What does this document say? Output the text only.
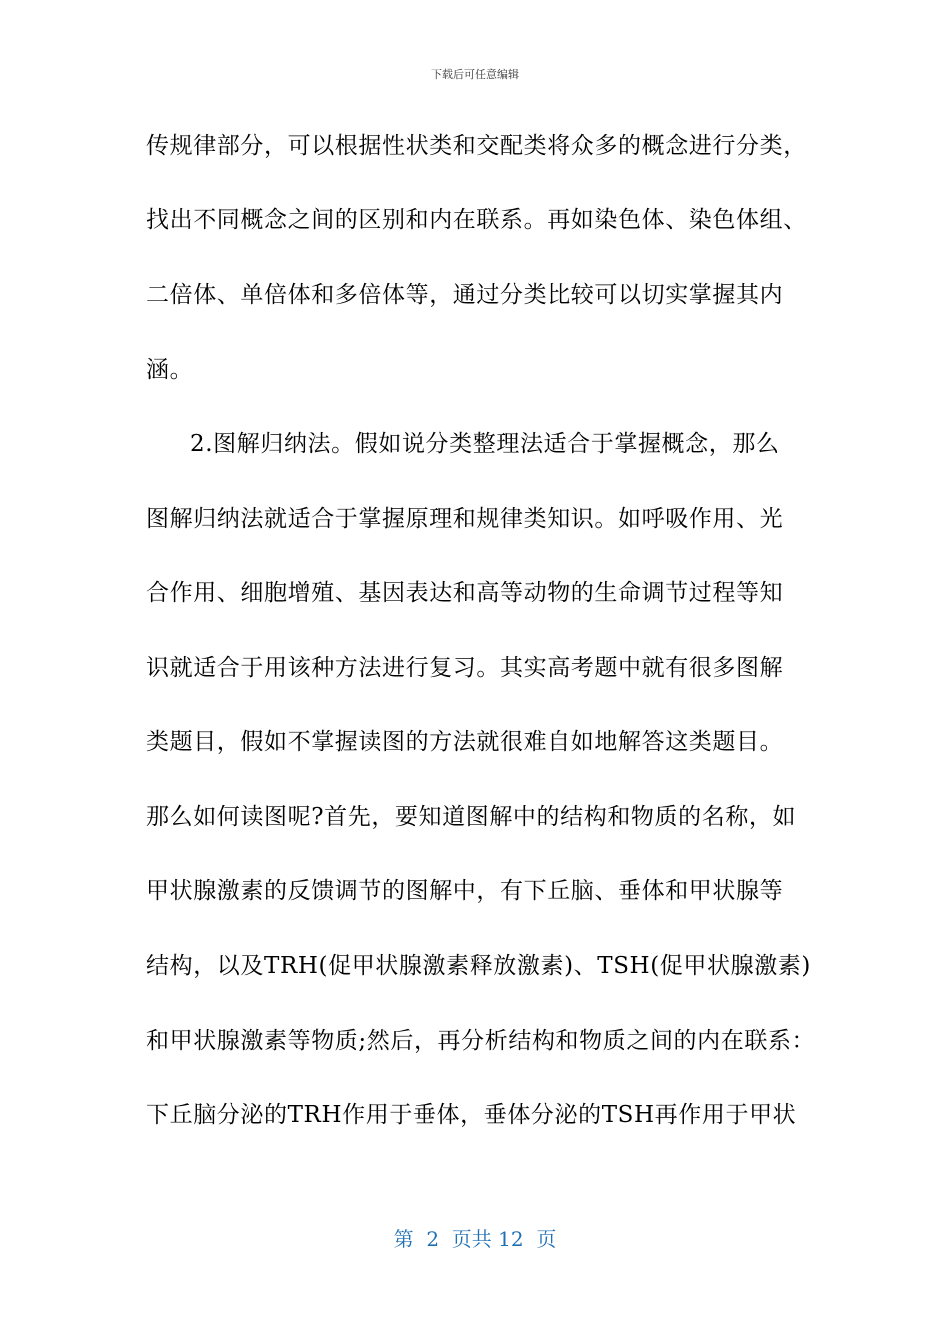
下载后可任意编辑
传规律部分，可以根据性状类和交配类将众多的概念进行分类，
找出不同概念之间的区别和内在联系。再如染色体、染色体组、
二倍体、单倍体和多倍体等，通过分类比较可以切实掌握其内
涵。
2.图解归纳法。假如说分类整理法适合于掌握概念，那么
图解归纳法就适合于掌握原理和规律类知识。如呼吸作用、光
合作用、细胞增殖、基因表达和高等动物的生命调节过程等知
识就适合于用该种方法进行复习。其实高考题中就有很多图解
类题目，假如不掌握读图的方法就很难自如地解答这类题目。
那么如何读图呢?首先，要知道图解中的结构和物质的名称，如
甲状腺激素的反馈调节的图解中，有下丘脑、垂体和甲状腺等
结构，以及TRH(促甲状腺激素释放激素)、TSH(促甲状腺激素)
和甲状腺激素等物质;然后，再分析结构和物质之间的内在联系：
下丘脑分泌的TRH作用于垂体，垂体分泌的TSH再作用于甲状
第  2  页共 12  页
